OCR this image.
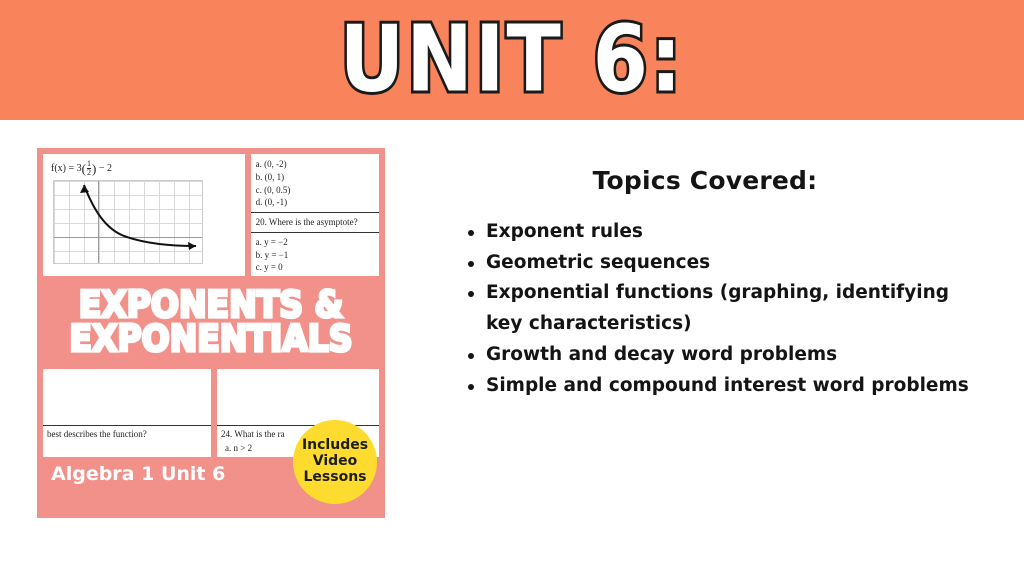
UNIT 6:
$f(x) = 3( \frac{1}{2}$ ) − 2	a. (0, -2)
b. (0, 1)
c. (0, 0.5)
d. (0, -1)
20. Where is the asymptote?
a. y = −2
b. y = −1
c. y = 0
EXPONENTS &
EXPONENTIALS
best describes the function?	24. What is the ra
a. n > 2
Algebra 1 Unit 6
Includes
Video
Lessons
Topics Covered:
Exponent rules
Geometric sequences
Exponential functions (graphing, identifying key characteristics)
Growth and decay word problems
Simple and compound interest word problems
